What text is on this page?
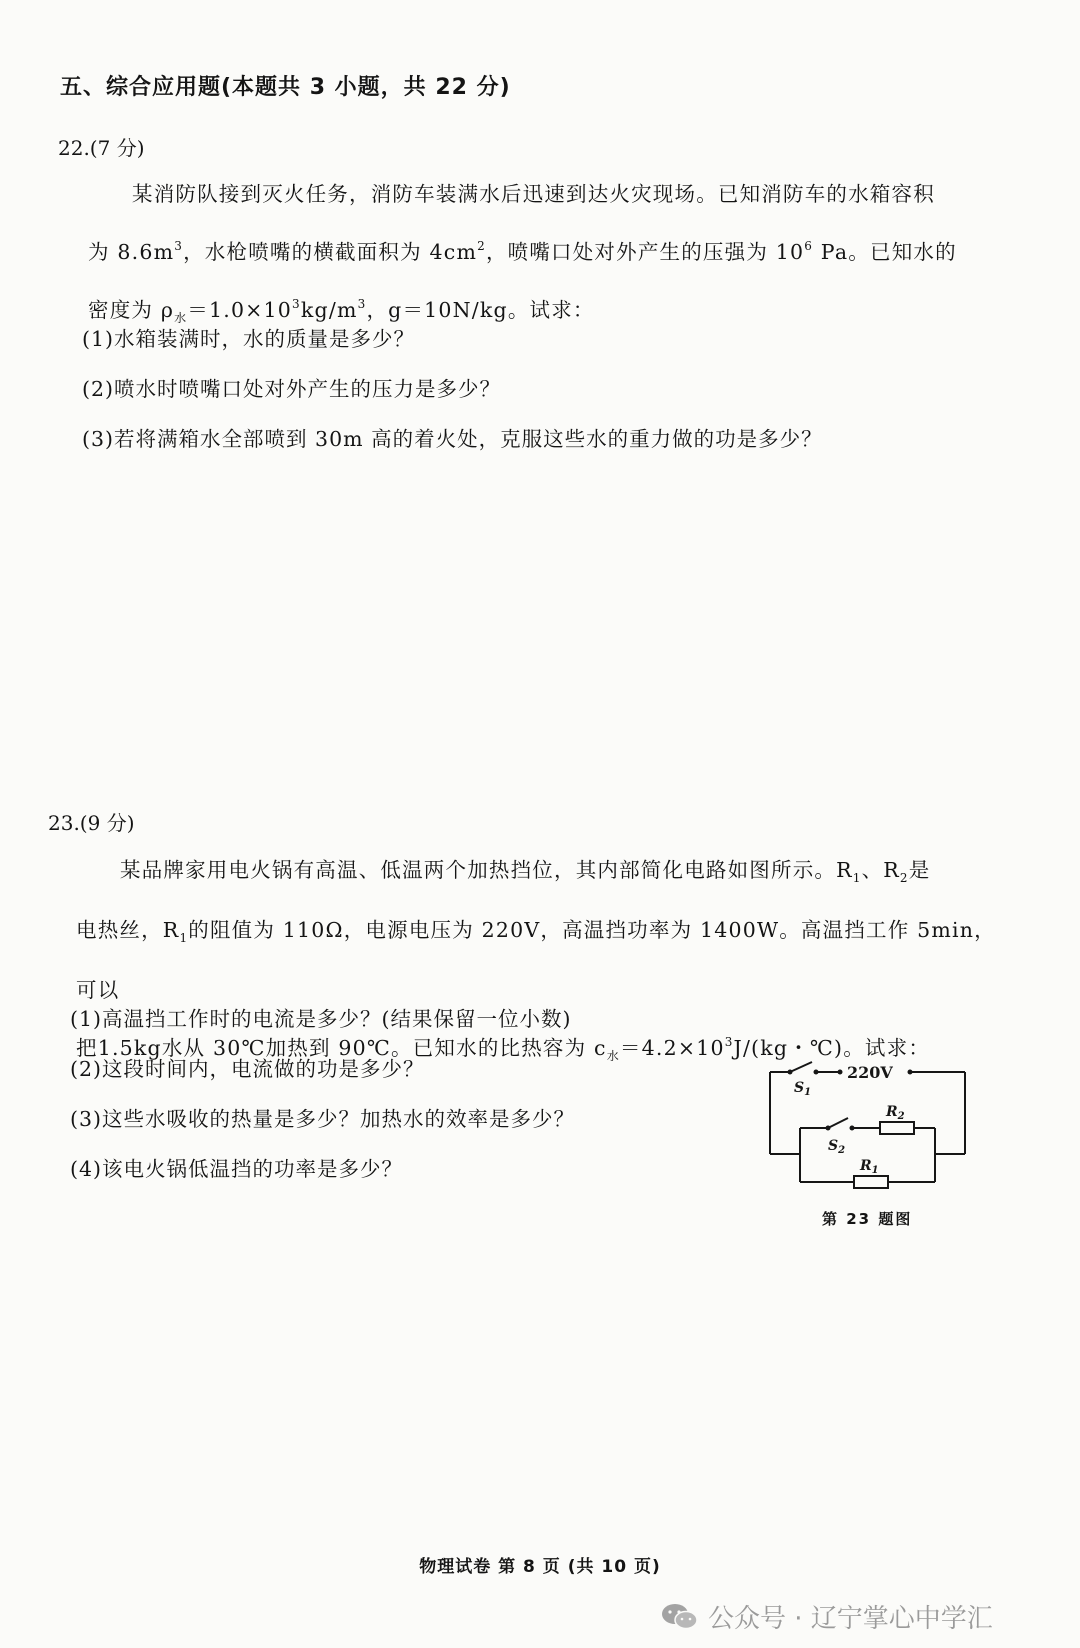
五、综合应用题(本题共 3 小题，共 22 分)
22.(7 分)
某消防队接到灭火任务，消防车装满水后迅速到达火灾现场。已知消防车的水箱容积
为 $8.6m^3$，水枪喷嘴的横截面积为 $4cm^2$，喷嘴口处对外产生的压强为 $10^6$ Pa。已知水的
密度为 $\rho_水=1.0\times 10^3kg/m^3$，g＝10N/kg。试求：
(1)水箱装满时，水的质量是多少？
(2)喷水时喷嘴口处对外产生的压力是多少？
(3)若将满箱水全部喷到 30m 高的着火处，克服这些水的重力做的功是多少？
23.(9 分)
某品牌家用电火锅有高温、低温两个加热挡位，其内部简化电路如图所示。$R_1$、$R_2$是
电热丝，$R_1$的阻值为 110Ω，电源电压为 220V，高温挡功率为 1400W。高温挡工作 5min，可以
把1.5kg水从 30℃加热到 90℃。已知水的比热容为 $c_水=4.2\times 10^3J/(kg$・℃)。试求：
(1)高温挡工作时的电流是多少？(结果保留一位小数)
(2)这段时间内，电流做的功是多少？
(3)这些水吸收的热量是多少？加热水的效率是多少？
(4)该电火锅低温挡的功率是多少？
220V
$S_1$
$S_2$
$R_2$
$R_1$
第 23 题图
物理试卷 第 8 页 (共 10 页)
公众号 · 辽宁掌心中学汇
